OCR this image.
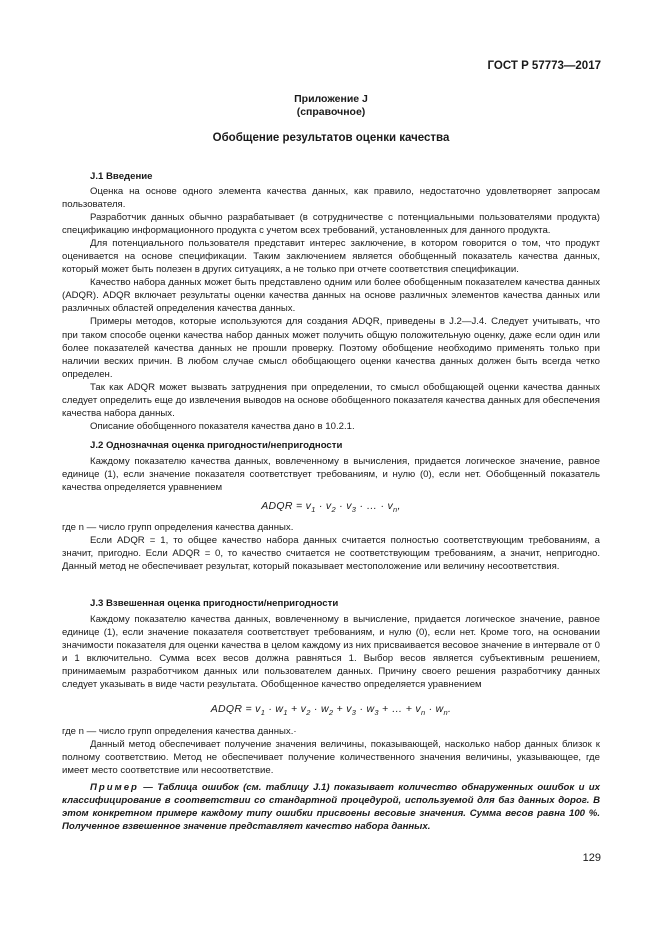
ГОСТ Р 57773—2017
Приложение J
(справочное)
Обобщение результатов оценки качества
J.1 Введение

Оценка на основе одного элемента качества данных, как правило, недостаточно удовлетворяет запросам пользователя.

Разработчик данных обычно разрабатывает (в сотрудничестве с потенциальными пользователями продукта) спецификацию информационного продукта с учетом всех требований, установленных для данного продукта.

Для потенциального пользователя представит интерес заключение, в котором говорится о том, что продукт оценивается на основе спецификации. Таким заключением является обобщенный показатель качества данных, который может быть полезен в других ситуациях, а не только при отчете соответствия спецификации.

Качество набора данных может быть представлено одним или более обобщенным показателем качества данных (ADQR). ADQR включает результаты оценки качества данных на основе различных элементов качества данных или различных областей определения качества данных.

Примеры методов, которые используются для создания ADQR, приведены в J.2—J.4. Следует учитывать, что при таком способе оценки качества набор данных может получить общую положительную оценку, даже если один или более показателей качества данных не прошли проверку. Поэтому обобщение необходимо применять только при наличии веских причин. В любом случае смысл обобщающего оценки качества данных должен быть всегда четко определен.

Так как ADQR может вызвать затруднения при определении, то смысл обобщающей оценки качества данных следует определить еще до извлечения выводов на основе обобщенного показателя качества данных для обеспечения качества набора данных.

Описание обобщенного показателя качества дано в 10.2.1.

J.2 Однозначная оценка пригодности/непригодности

Каждому показателю качества данных, вовлеченному в вычисления, придается логическое значение, равное единице (1), если значение показателя соответствует требованиям, и нулю (0), если нет. Обобщенный показатель качества определяется уравнением

ADQR = $v_1 \cdot v_2 \cdot v_3$ · … · $v_n$,

где n — число групп определения качества данных.

Если ADQR = 1, то общее качество набора данных считается полностью соответствующим требованиям, а значит, пригодно. Если ADQR = 0, то качество считается не соответствующим требованиям, а значит, непригодно. Данный метод не обеспечивает результат, который показывает местоположение или величину несоответствия.

J.3 Взвешенная оценка пригодности/непригодности

Каждому показателю качества данных, вовлеченному в вычисление, придается логическое значение, равное единице (1), если значение показателя соответствует требованиям, и нулю (0), если нет. Кроме того, на основании значимости показателя для оценки качества в целом каждому из них присваивается весовое значение в интервале от 0 и 1 включительно. Сумма всех весов должна равняться 1. Выбор весов является субъективным решением, принимаемым разработчиком данных или пользователем данных. Причину своего решения разработчику данных следует указывать в виде части результата. Обобщенное качество определяется уравнением

ADQR = $v_1 \cdot w_1 + v_2 \cdot w_2 + v_3 \cdot w_3$ + … + $v_n \cdot w_n$.

где n — число групп определения качества данных.·

Данный метод обеспечивает получение значения величины, показывающей, насколько набор данных близок к полному соответствию. Метод не обеспечивает получение количественного значения величины, указывающее, где имеет место соответствие или несоответствие.

Пример — Таблица ошибок (см. таблицу J.1) показывает количество обнаруженных ошибок и их классифицирование в соответствии со стандартной процедурой, используемой для баз данных дорог. В этом конкретном примере каждому типу ошибки присвоены весовые значения. Сумма весов равна 100 %. Полученное взвешенное значение представляет качество набора данных.

129
